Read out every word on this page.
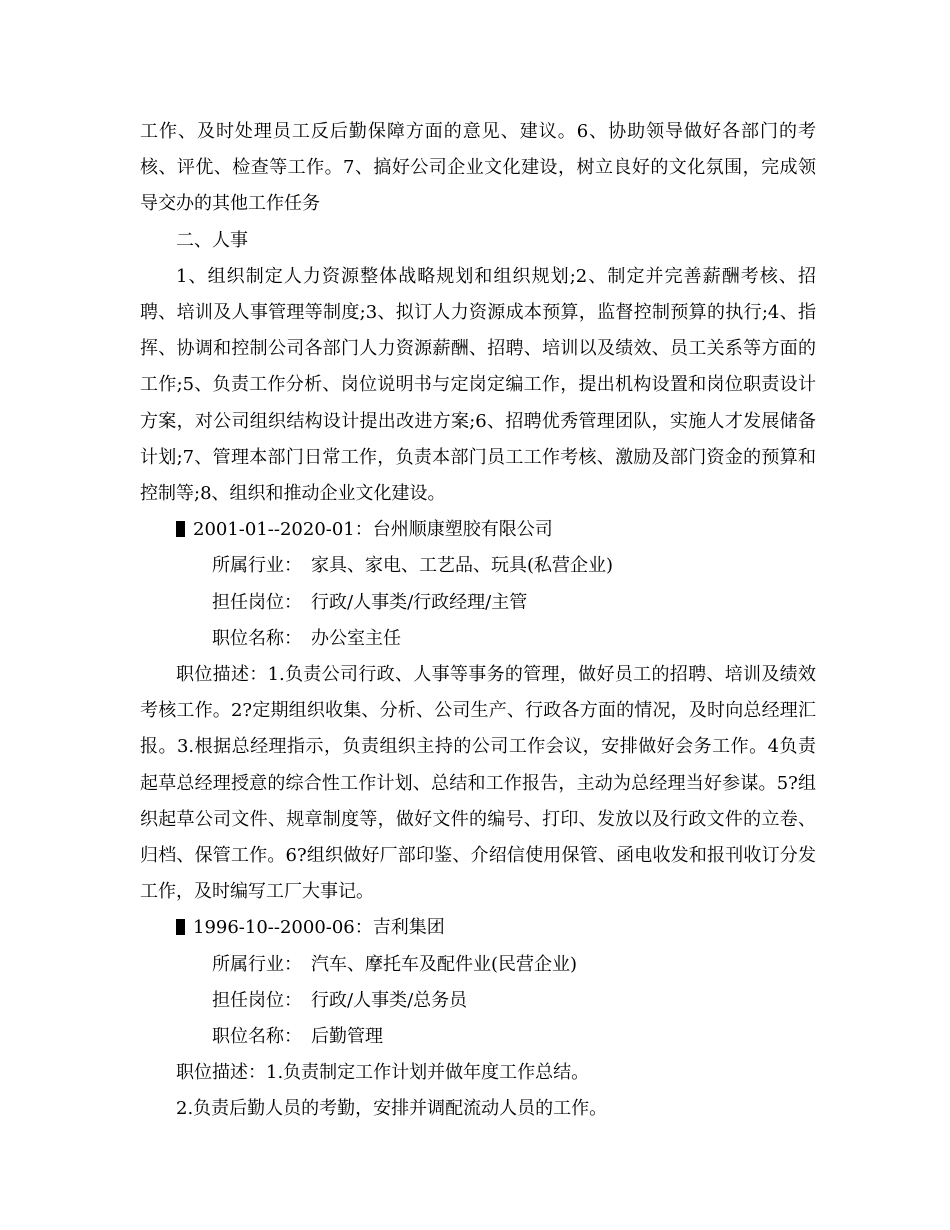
工作、及时处理员工反后勤保障方面的意见、建议。6、协助领导做好各部门的考核、评优、检查等工作。7、搞好公司企业文化建设，树立良好的文化氛围，完成领导交办的其他工作任务

二、人事

1、组织制定人力资源整体战略规划和组织规划;2、制定并完善薪酬考核、招聘、培训及人事管理等制度;3、拟订人力资源成本预算，监督控制预算的执行;4、指挥、协调和控制公司各部门人力资源薪酬、招聘、培训以及绩效、员工关系等方面的工作;5、负责工作分析、岗位说明书与定岗定编工作，提出机构设置和岗位职责设计方案，对公司组织结构设计提出改进方案;6、招聘优秀管理团队，实施人才发展储备计划;7、管理本部门日常工作，负责本部门员工工作考核、激励及部门资金的预算和控制等;8、组织和推动企业文化建设。

2001-01--2020-01：台州顺康塑胶有限公司

所属行业： 家具、家电、工艺品、玩具(私营企业)

担任岗位： 行政/人事类/行政经理/主管

职位名称： 办公室主任

职位描述：1.负责公司行政、人事等事务的管理，做好员工的招聘、培训及绩效考核工作。2?定期组织收集、分析、公司生产、行政各方面的情况，及时向总经理汇报。3.根据总经理指示，负责组织主持的公司工作会议，安排做好会务工作。4负责起草总经理授意的综合性工作计划、总结和工作报告，主动为总经理当好参谋。5?组织起草公司文件、规章制度等，做好文件的编号、打印、发放以及行政文件的立卷、归档、保管工作。6?组织做好厂部印鉴、介绍信使用保管、函电收发和报刊收订分发工作，及时编写工厂大事记。

1996-10--2000-06：吉利集团

所属行业： 汽车、摩托车及配件业(民营企业)

担任岗位： 行政/人事类/总务员

职位名称： 后勤管理

职位描述：1.负责制定工作计划并做年度工作总结。

2.负责后勤人员的考勤，安排并调配流动人员的工作。
